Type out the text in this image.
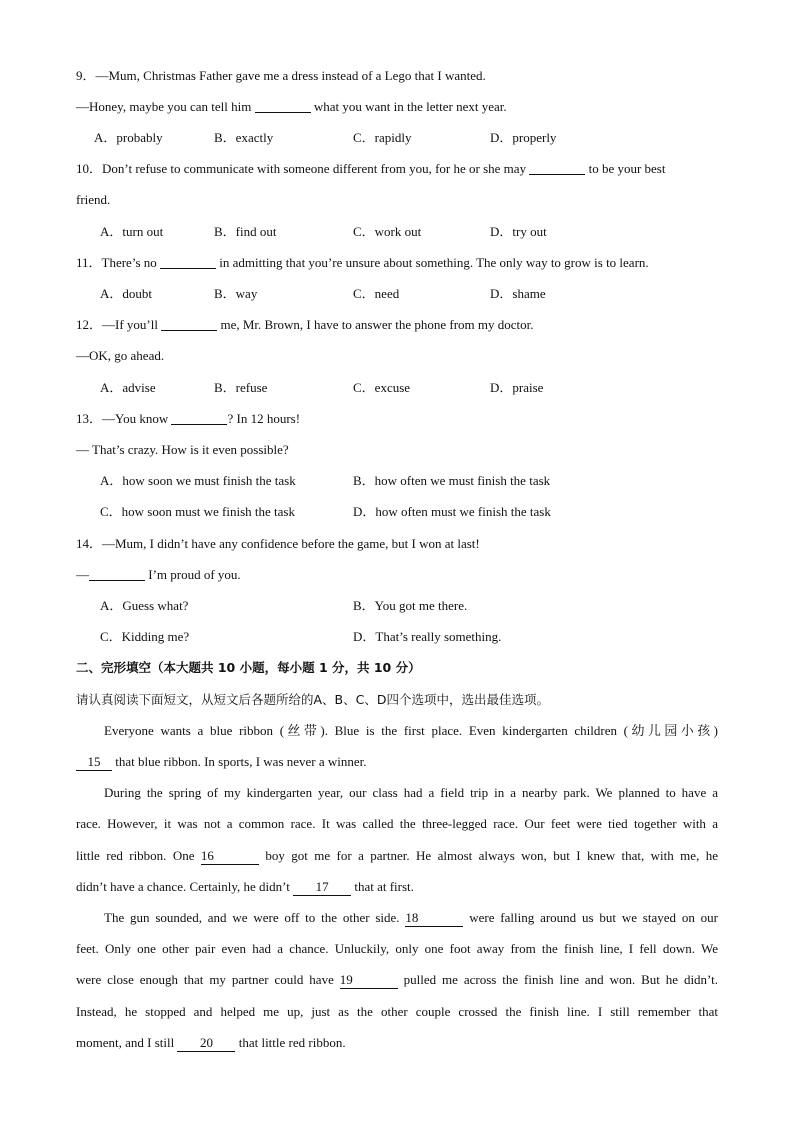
9．—Mum, Christmas Father gave me a dress instead of a Lego that I wanted.
—Honey, maybe you can tell him	what you want in the letter next year.
A．probably	B．exactly	C．rapidly	D．properly
10．Don’t refuse to communicate with someone different from you, for he or she may	to be your best
friend.
A．turn out	B．find out	C．work out	D．try out
11．There’s no	in admitting that you’re unsure about something. The only way to grow is to learn.
A．doubt	B．way	C．need	D．shame
12．—If you’ll	me, Mr. Brown, I have to answer the phone from my doctor.
—OK, go ahead.
A．advise	B．refuse	C．excuse	D．praise
13．—You know	? In 12 hours!
— That’s crazy. How is it even possible?
A．how soon we must finish the task	B．how often we must finish the task
C．how soon must we finish the task	D．how often must we finish the task
14．—Mum, I didn’t have any confidence before the game, but I won at last!
—	I’m proud of you.
A．Guess what?	B．You got me there.
C．Kidding me?	D．That’s really something.
二、完形填空（本大题共 10 小题，每小题 1 分，共 10 分）
请认真阅读下面短文，从短文后各题所给的A、B、C、D四个选项中，选出最佳选项。
Everyone wants a blue ribbon (丝带). Blue is the first place. Even kindergarten children (幼儿园小孩)
15 that blue ribbon. In sports, I was never a winner.
During the spring of my kindergarten year, our class had a field trip in a nearby park. We planned to have a
race. However, it was not a common race. It was called the three-legged race. Our feet were tied together with a
little red ribbon. One 16	boy got me for a partner. He almost always won, but I knew that, with me, he
didn’t have a chance. Certainly, he didn’t 17 that at first.
The gun sounded, and we were off to the other side. 18	were falling around us but we stayed on our
feet. Only one other pair even had a chance. Unluckily, only one foot away from the finish line, I fell down. We
were close enough that my partner could have 19	pulled me across the finish line and won. But he didn’t.
Instead, he stopped and helped me up, just as the other couple crossed the finish line. I still remember that
moment, and I still 20 that little red ribbon.
